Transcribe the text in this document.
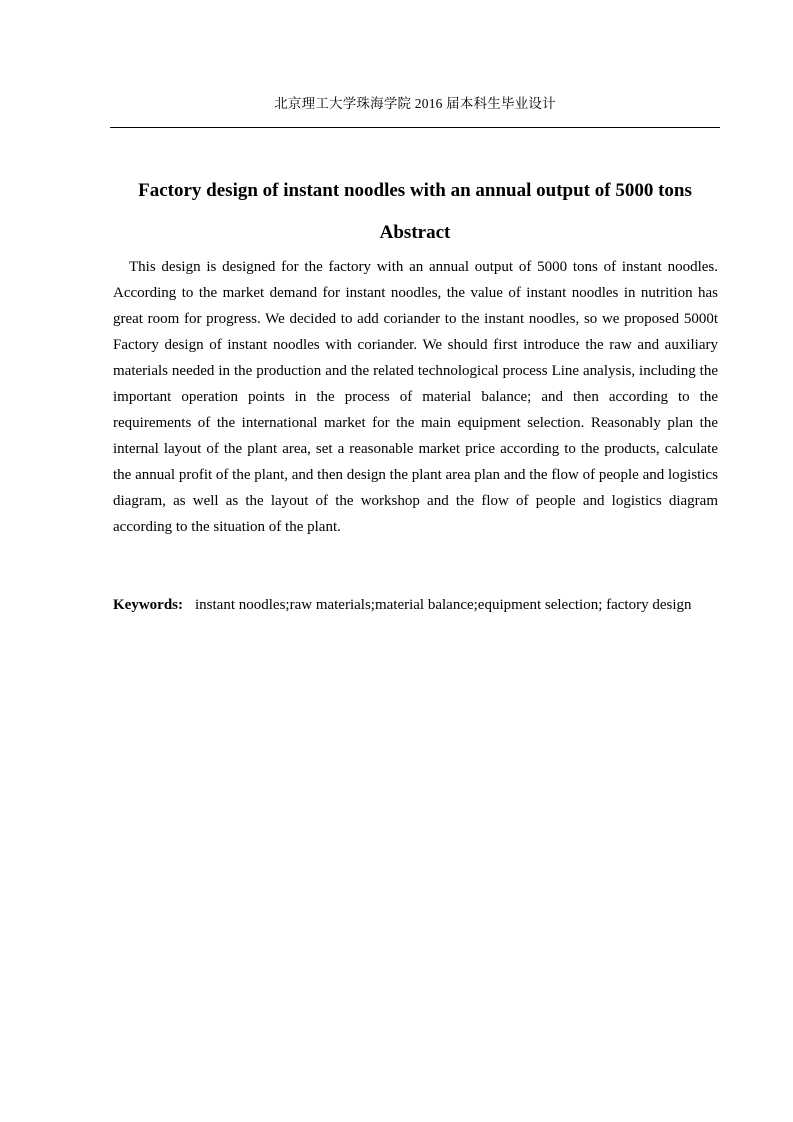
北京理工大学珠海学院 2016 届本科生毕业设计
Factory design of instant noodles with an annual output of 5000 tons
Abstract

This design is designed for the factory with an annual output of 5000 tons of instant noodles. According to the market demand for instant noodles, the value of instant noodles in nutrition has great room for progress. We decided to add coriander to the instant noodles, so we proposed 5000t Factory design of instant noodles with coriander. We should first introduce the raw and auxiliary materials needed in the production and the related technological process Line analysis, including the important operation points in the process of material balance; and then according to the requirements of the international market for the main equipment selection. Reasonably plan the internal layout of the plant area, set a reasonable market price according to the products, calculate the annual profit of the plant, and then design the plant area plan and the flow of people and logistics diagram, as well as the layout of the workshop and the flow of people and logistics diagram according to the situation of the plant.

Keywords: instant noodles;raw materials;material balance;equipment selection; factory design
